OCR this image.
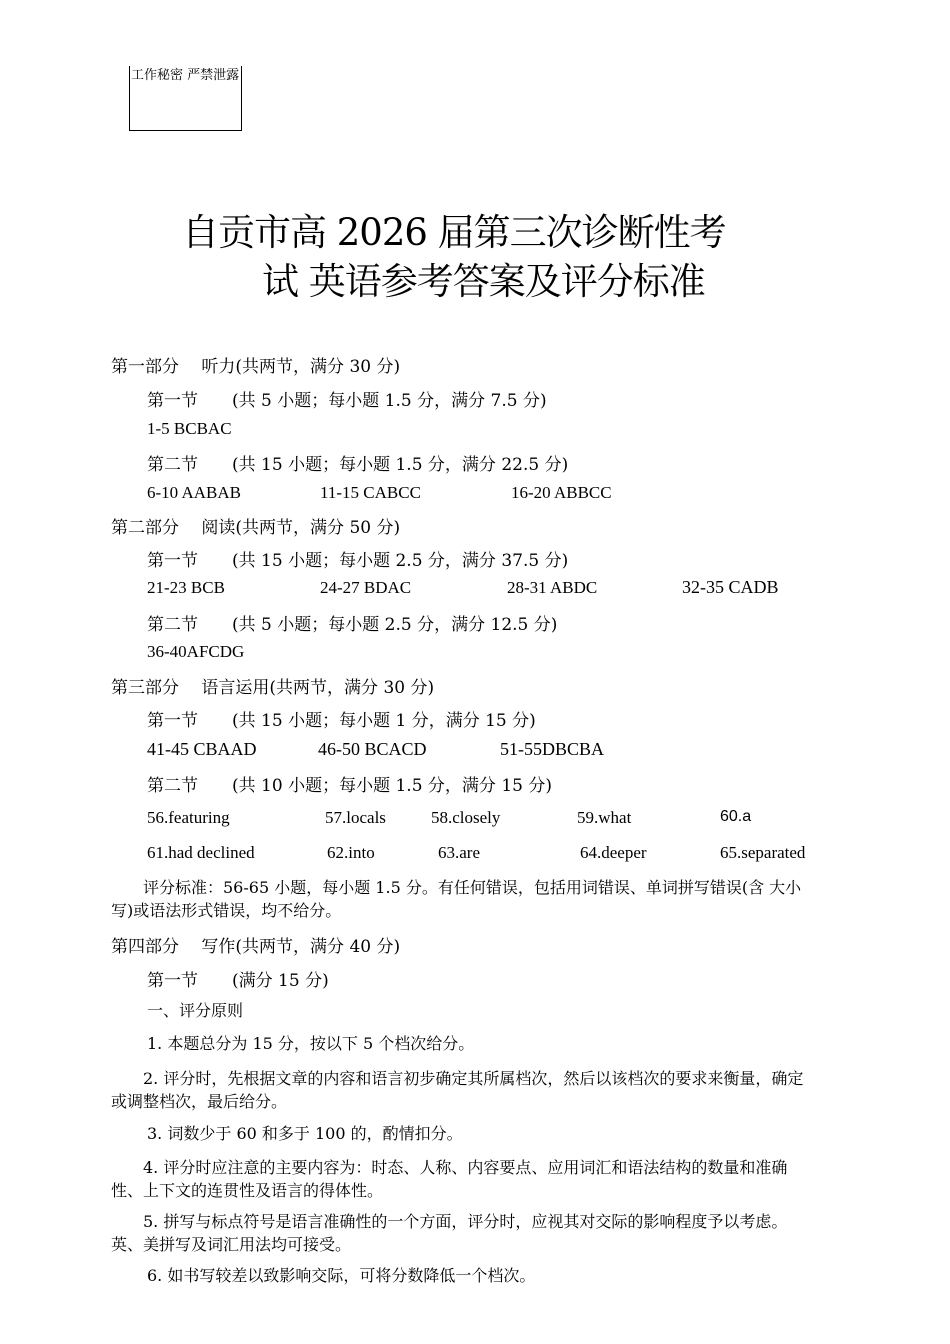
工作秘密 严禁泄露
自贡市高 2026 届第三次诊断性考
试 英语参考答案及评分标准
第一部分　 听力(共两节，满分 30 分)
第一节　　(共 5 小题；每小题 1.5 分，满分 7.5 分)
1-5 BCBAC
第二节　　(共 15 小题；每小题 1.5 分，满分 22.5 分)
6-10 AABAB	11-15 CABCC	16-20 ABBCC
第二部分　 阅读(共两节，满分 50 分)
第一节　　(共 15 小题；每小题 2.5 分，满分 37.5 分)
21-23 BCB	24-27 BDAC	28-31 ABDC	32-35 CADB
第二节　　(共 5 小题；每小题 2.5 分，满分 12.5 分)
36-40AFCDG
第三部分　 语言运用(共两节，满分 30 分)
第一节　　(共 15 小题；每小题 1 分，满分 15 分)
41-45 CBAAD	46-50 BCACD	51-55DBCBA
第二节　　(共 10 小题；每小题 1.5 分，满分 15 分)
56.featuring	57.locals	58.closely	59.what	60.a
61.had declined	62.into	63.are	64.deeper	65.separated
　　评分标准：56-65 小题，每小题 1.5 分。有任何错误，包括用词错误、单词拼写错误(含 大小写)或语法形式错误，均不给分。
第四部分　 写作(共两节，满分 40 分)
第一节　　(满分 15 分)
一、评分原则
1. 本题总分为 15 分，按以下 5 个档次给分。
　　2. 评分时，先根据文章的内容和语言初步确定其所属档次，然后以该档次的要求来衡量，确定或调整档次，最后给分。
3. 词数少于 60 和多于 100 的，酌情扣分。
　　4. 评分时应注意的主要内容为：时态、人称、内容要点、应用词汇和语法结构的数量和准确性、上下文的连贯性及语言的得体性。
　　5. 拼写与标点符号是语言准确性的一个方面，评分时，应视其对交际的影响程度予以考虑。英、美拼写及词汇用法均可接受。
6. 如书写较差以致影响交际，可将分数降低一个档次。
